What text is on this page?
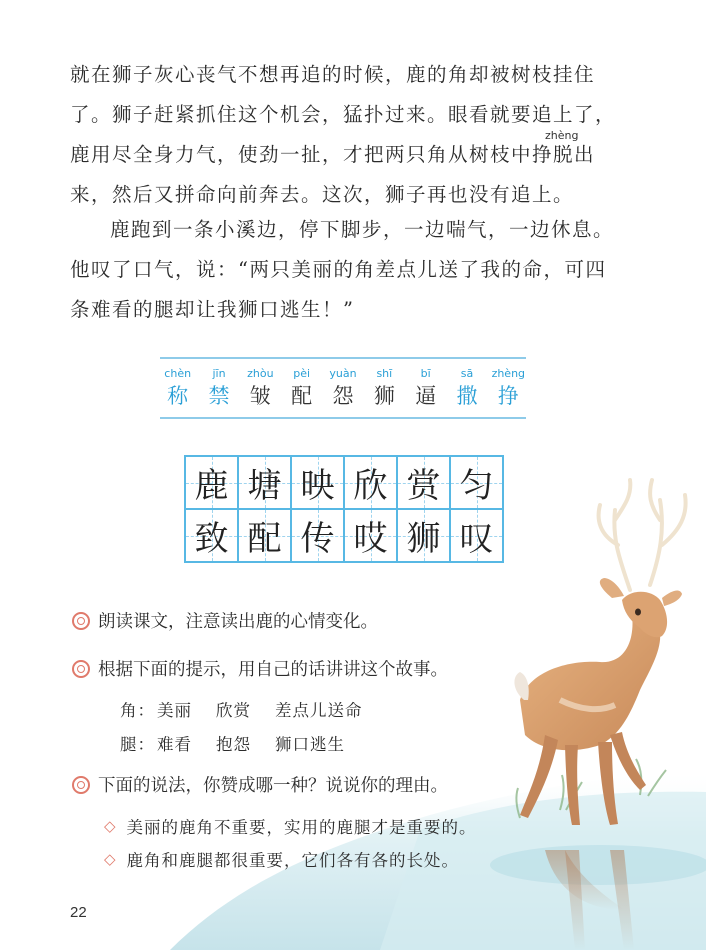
就在狮子灰心丧气不想再追的时候，鹿的角却被树枝挂住
了。狮子赶紧抓住这个机会，猛扑过来。眼看就要追上了，
鹿用尽全身力气，使劲一扯，才把两只角从树枝中挣脱出
来，然后又拼命向前奔去。这次，狮子再也没有追上。
zhèng
鹿跑到一条小溪边，停下脚步，一边喘气，一边休息。
他叹了口气，说：“两只美丽的角差点儿送了我的命，可四
条难看的腿却让我狮口逃生！”
chèn
称
jīn
禁
zhòu
皱
pèi
配
yuàn
怨
shī
狮
bī
逼
sā
撒
zhèng
挣
鹿 塘 映 欣 赏 匀
致 配 传 哎 狮 叹
朗读课文，注意读出鹿的心情变化。
根据下面的提示，用自己的话讲讲这个故事。
角： 美丽 欣赏 差点儿送命
腿： 难看 抱怨 狮口逃生
下面的说法，你赞成哪一种？说说你的理由。
◇ 美丽的鹿角不重要，实用的鹿腿才是重要的。
◇ 鹿角和鹿腿都很重要，它们各有各的长处。
22
